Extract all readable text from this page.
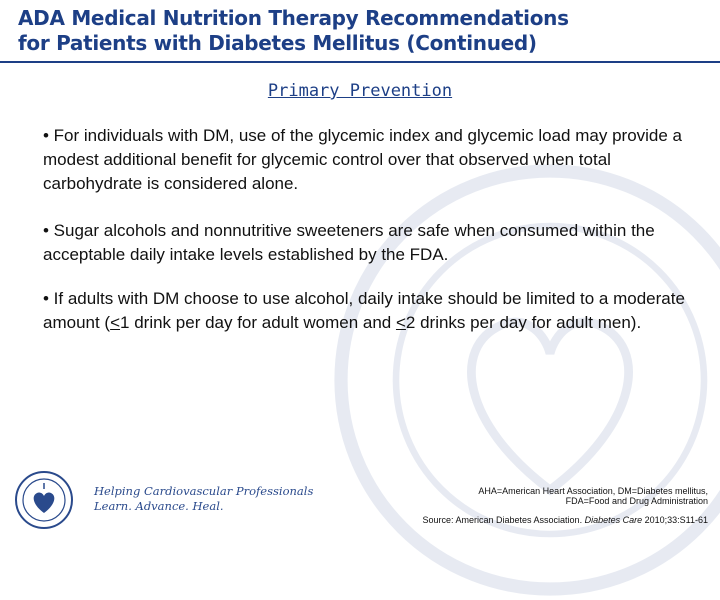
ADA Medical Nutrition Therapy Recommendations
for Patients with Diabetes Mellitus (Continued)
Primary Prevention
• For individuals with DM, use of the glycemic index and glycemic load may provide a modest additional benefit for glycemic control over that observed when total carbohydrate is considered alone.
• Sugar alcohols and nonnutritive sweeteners are safe when consumed within the acceptable daily intake levels established by the FDA.
• If adults with DM choose to use alcohol, daily intake should be limited to a moderate amount (≤1 drink per day for adult women and ≤2 drinks per day for adult men).
Helping Cardiovascular Professionals
Learn. Advance. Heal.
AHA=American Heart Association, DM=Diabetes mellitus, FDA=Food and Drug Administration
Source: American Diabetes Association. Diabetes Care 2010;33:S11-61
